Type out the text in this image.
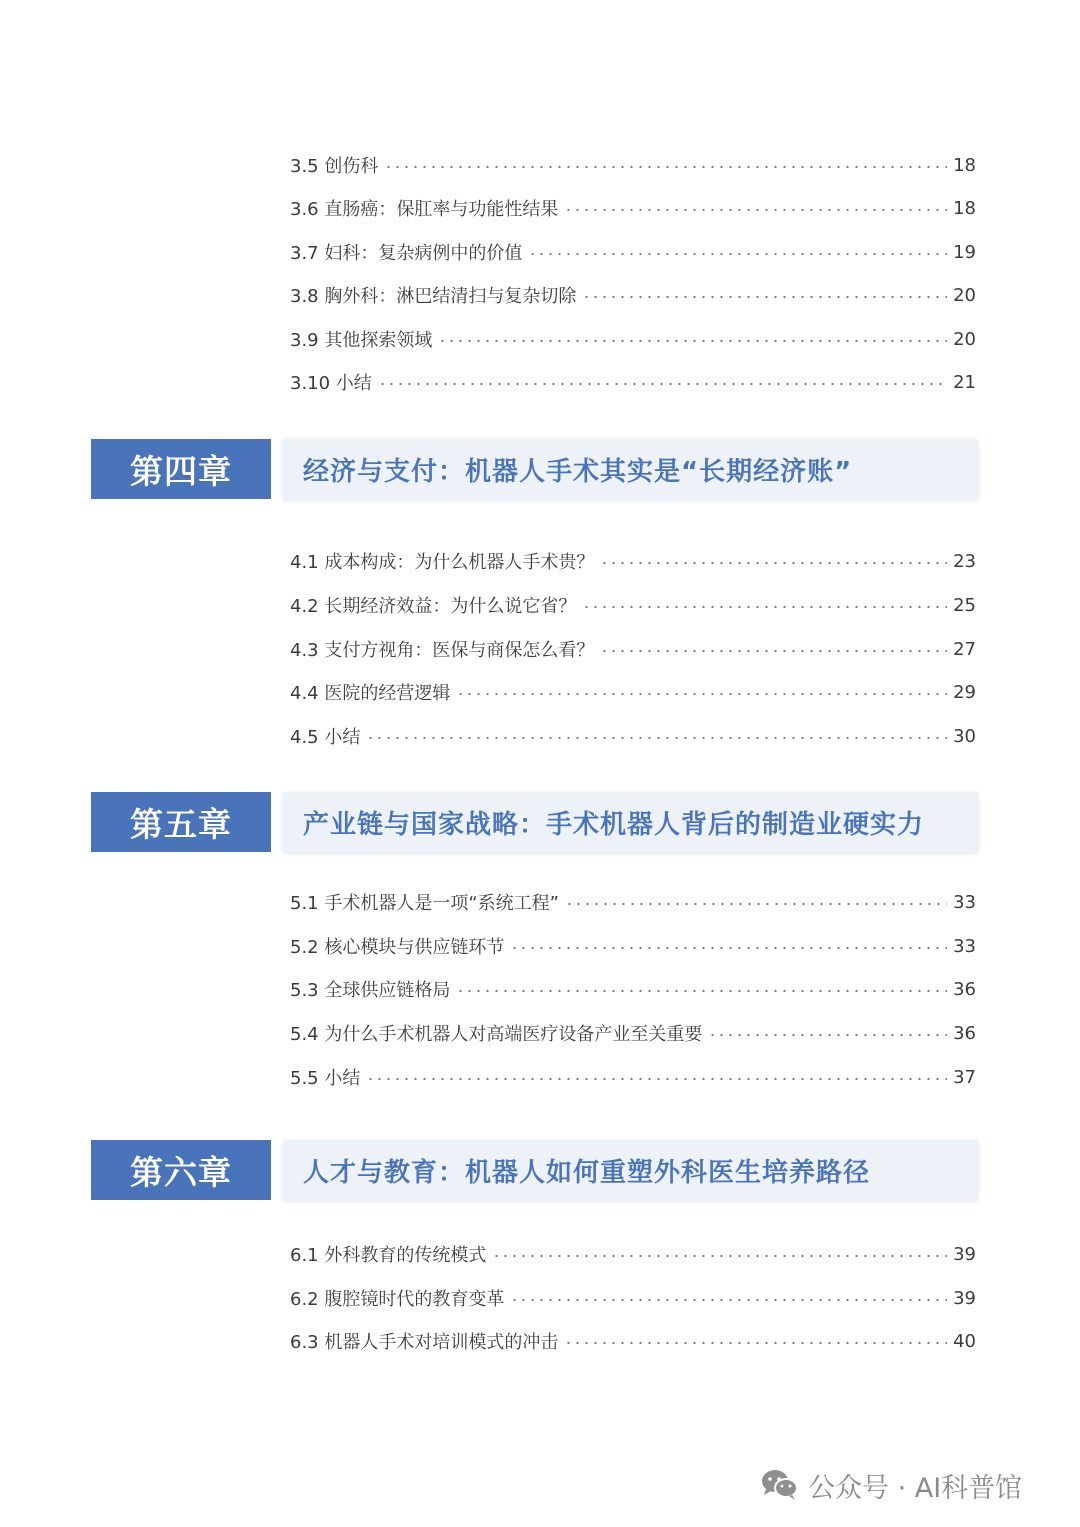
3.5 创伤科	18
3.6 直肠癌：保肛率与功能性结果	18
3.7 妇科：复杂病例中的价值	19
3.8 胸外科：淋巴结清扫与复杂切除	20
3.9 其他探索领域	20
3.10 小结	21
第四章	经济与支付：机器人手术其实是“长期经济账”
4.1 成本构成：为什么机器人手术贵？	23
4.2 长期经济效益：为什么说它省？	25
4.3 支付方视角：医保与商保怎么看？	27
4.4 医院的经营逻辑	29
4.5 小结	30
第五章	产业链与国家战略：手术机器人背后的制造业硬实力
5.1 手术机器人是一项“系统工程”	33
5.2 核心模块与供应链环节	33
5.3 全球供应链格局	36
5.4 为什么手术机器人对高端医疗设备产业至关重要	36
5.5 小结	37
第六章	人才与教育：机器人如何重塑外科医生培养路径
6.1 外科教育的传统模式	39
6.2 腹腔镜时代的教育变革	39
6.3 机器人手术对培训模式的冲击	40
公众号 · AI科普馆
